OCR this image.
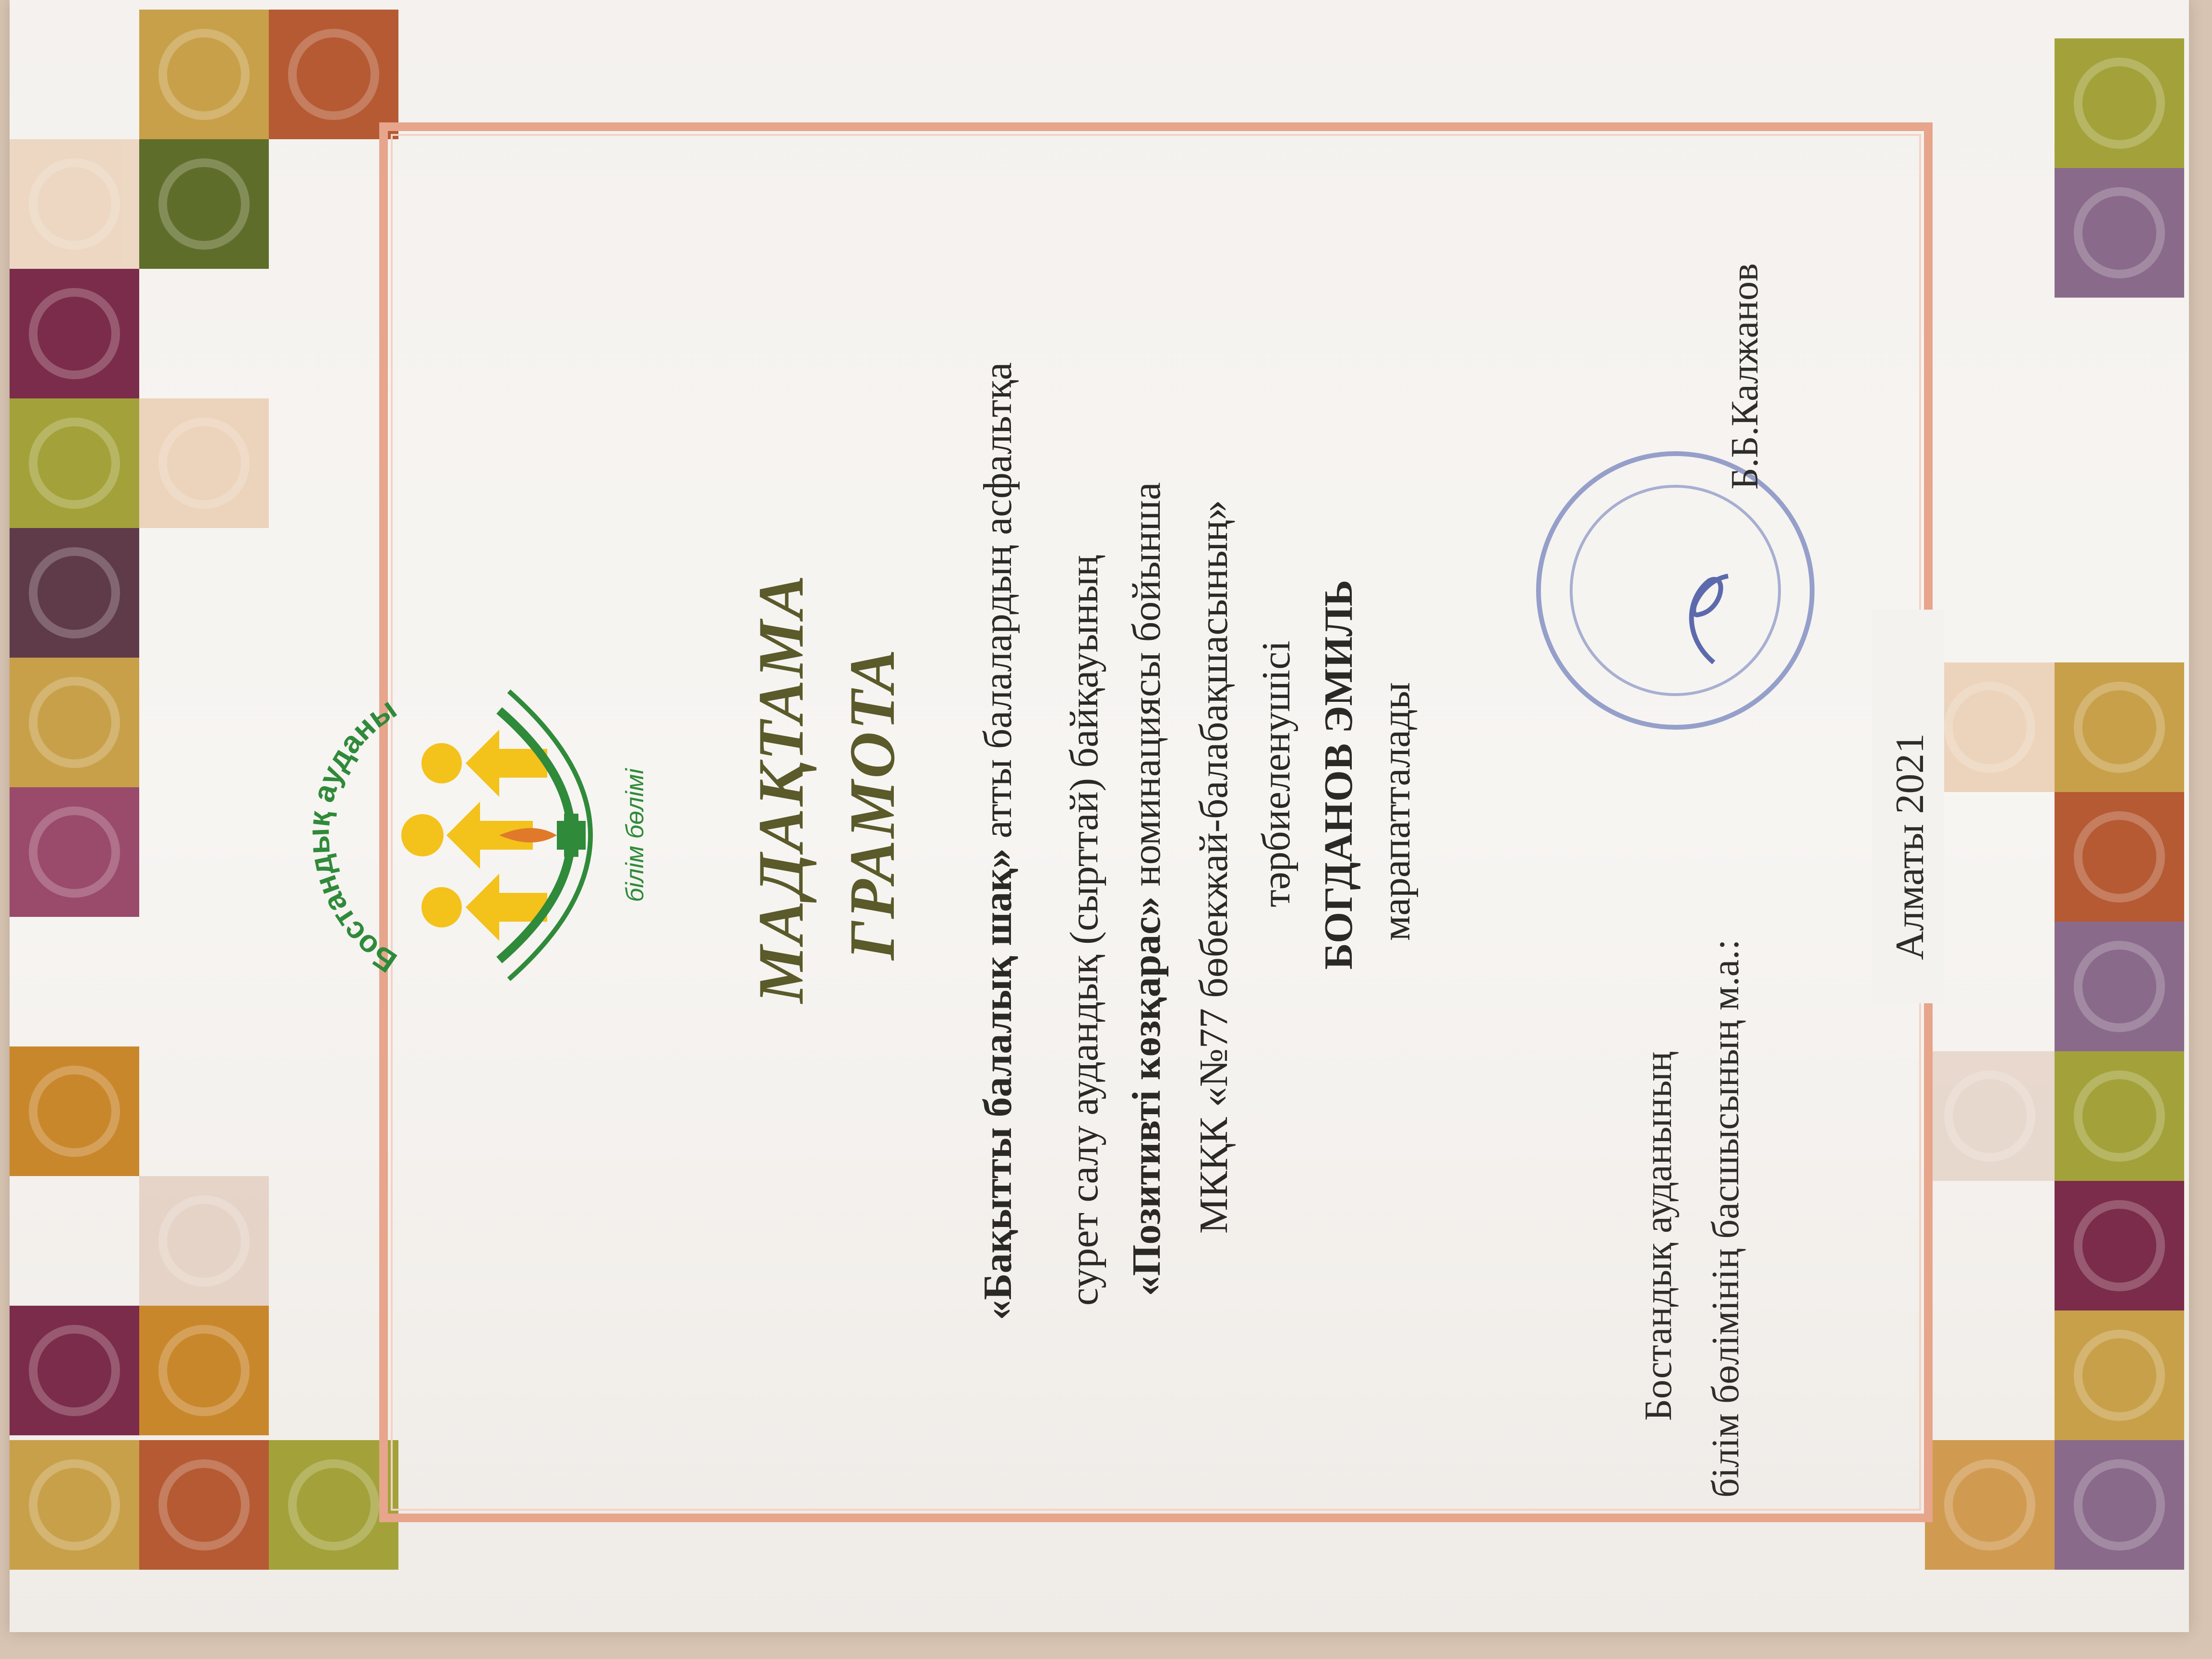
Бостандық ауданы
білім бөлімі МАДАҚТАМА ГРАМОТА
«Бақытты балалық шақ» атты балалардың асфальтқа сурет салу аудандық (сырттай) байқауының «Позитивті көзқарас» номинациясы бойынша МКҚК «№77 бөбекжай-балабақшасының» тәрбиеленушісі БОГДАНОВ ЭМИЛЬ марапатталады
Бостандық ауданының білім бөлімінің басшысының м.а.:
Б.Б.Калжанов
Алматы 2021
